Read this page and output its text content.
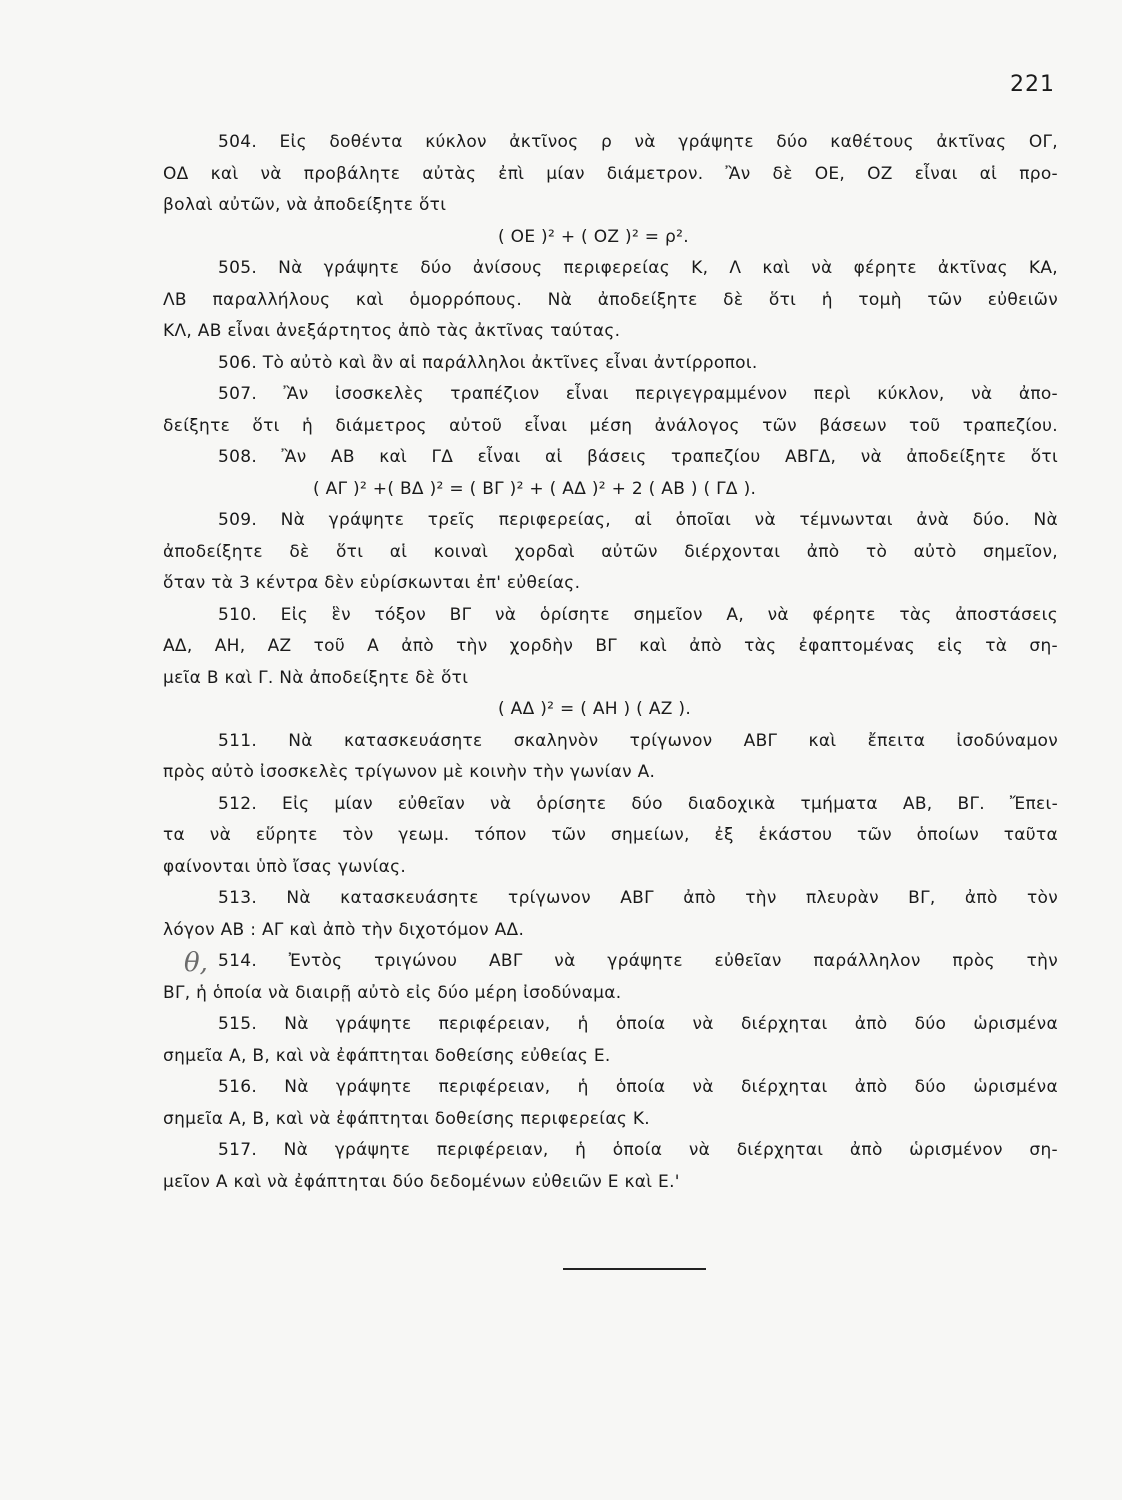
221
504. Εἰς δοθέντα κύκλον ἀκτῖνος ρ νὰ γράψητε δύο καθέτους ἀκτῖνας ΟΓ,
ΟΔ καὶ νὰ προβάλητε αὐτὰς ἐπὶ μίαν διάμετρον. Ἂν δὲ ΟΕ, ΟΖ εἶναι αἱ προ-
βολαὶ αὐτῶν, νὰ ἀποδείξητε ὅτι
( ΟΕ )² + ( ΟΖ )² = ρ².
505. Νὰ γράψητε δύο ἀνίσους περιφερείας Κ, Λ καὶ νὰ φέρητε ἀκτῖνας ΚΑ,
ΛΒ παραλλήλους καὶ ὁμορρόπους. Νὰ ἀποδείξητε δὲ ὅτι ἡ τομὴ τῶν εὐθειῶν
ΚΛ, ΑΒ εἶναι ἀνεξάρτητος ἀπὸ τὰς ἀκτῖνας ταύτας.
506. Τὸ αὐτὸ καὶ ἂν αἱ παράλληλοι ἀκτῖνες εἶναι ἀντίρροποι.
507. Ἂν ἰσοσκελὲς τραπέζιον εἶναι περιγεγραμμένον περὶ κύκλον, νὰ ἀπο-
δείξητε ὅτι ἡ διάμετρος αὐτοῦ εἶναι μέση ἀνάλογος τῶν βάσεων τοῦ τραπεζίου.
508. Ἂν ΑΒ καὶ ΓΔ εἶναι αἱ βάσεις τραπεζίου ΑΒΓΔ, νὰ ἀποδείξητε ὅτι
( ΑΓ )² +( ΒΔ )² = ( ΒΓ )² + ( ΑΔ )² + 2 ( ΑΒ ) ( ΓΔ ).
509. Νὰ γράψητε τρεῖς περιφερείας, αἱ ὁποῖαι νὰ τέμνωνται ἀνὰ δύο. Νὰ
ἀποδείξητε δὲ ὅτι αἱ κοιναὶ χορδαὶ αὐτῶν διέρχονται ἀπὸ τὸ αὐτὸ σημεῖον,
ὅταν τὰ 3 κέντρα δὲν εὑρίσκωνται ἐπ' εὐθείας.
510. Εἰς ἓν τόξον ΒΓ νὰ ὁρίσητε σημεῖον Α, νὰ φέρητε τὰς ἀποστάσεις
ΑΔ, ΑΗ, ΑΖ τοῦ Α ἀπὸ τὴν χορδὴν ΒΓ καὶ ἀπὸ τὰς ἐφαπτομένας εἰς τὰ ση-
μεῖα Β καὶ Γ. Νὰ ἀποδείξητε δὲ ὅτι
( ΑΔ )² = ( ΑΗ ) ( ΑΖ ).
511. Νὰ κατασκευάσητε σκαληνὸν τρίγωνον ΑΒΓ καὶ ἔπειτα ἰσοδύναμον
πρὸς αὐτὸ ἰσοσκελὲς τρίγωνον μὲ κοινὴν τὴν γωνίαν Α.
512. Εἰς μίαν εὐθεῖαν νὰ ὁρίσητε δύο διαδοχικὰ τμήματα ΑΒ, ΒΓ. Ἔπει-
τα νὰ εὕρητε τὸν γεωμ. τόπον τῶν σημείων, ἐξ ἑκάστου τῶν ὁποίων ταῦτα
φαίνονται ὑπὸ ἴσας γωνίας.
513. Νὰ κατασκευάσητε τρίγωνον ΑΒΓ ἀπὸ τὴν πλευρὰν ΒΓ, ἀπὸ τὸν
λόγον ΑΒ : ΑΓ καὶ ἀπὸ τὴν διχοτόμον ΑΔ.
514. Ἐντὸς τριγώνου ΑΒΓ νὰ γράψητε εὐθεῖαν παράλληλον πρὸς τὴν
ΒΓ, ἡ ὁποία νὰ διαιρῇ αὐτὸ εἰς δύο μέρη ἰσοδύναμα.
515. Νὰ γράψητε περιφέρειαν, ἡ ὁποία νὰ διέρχηται ἀπὸ δύο ὡρισμένα
σημεῖα Α, Β, καὶ νὰ ἐφάπτηται δοθείσης εὐθείας Ε.
516. Νὰ γράψητε περιφέρειαν, ἡ ὁποία νὰ διέρχηται ἀπὸ δύο ὡρισμένα
σημεῖα Α, Β, καὶ νὰ ἐφάπτηται δοθείσης περιφερείας Κ.
517. Νὰ γράψητε περιφέρειαν, ἡ ὁποία νὰ διέρχηται ἀπὸ ὡρισμένον ση-
μεῖον Α καὶ νὰ ἐφάπτηται δύο δεδομένων εὐθειῶν Ε καὶ Ε.'
θ,
